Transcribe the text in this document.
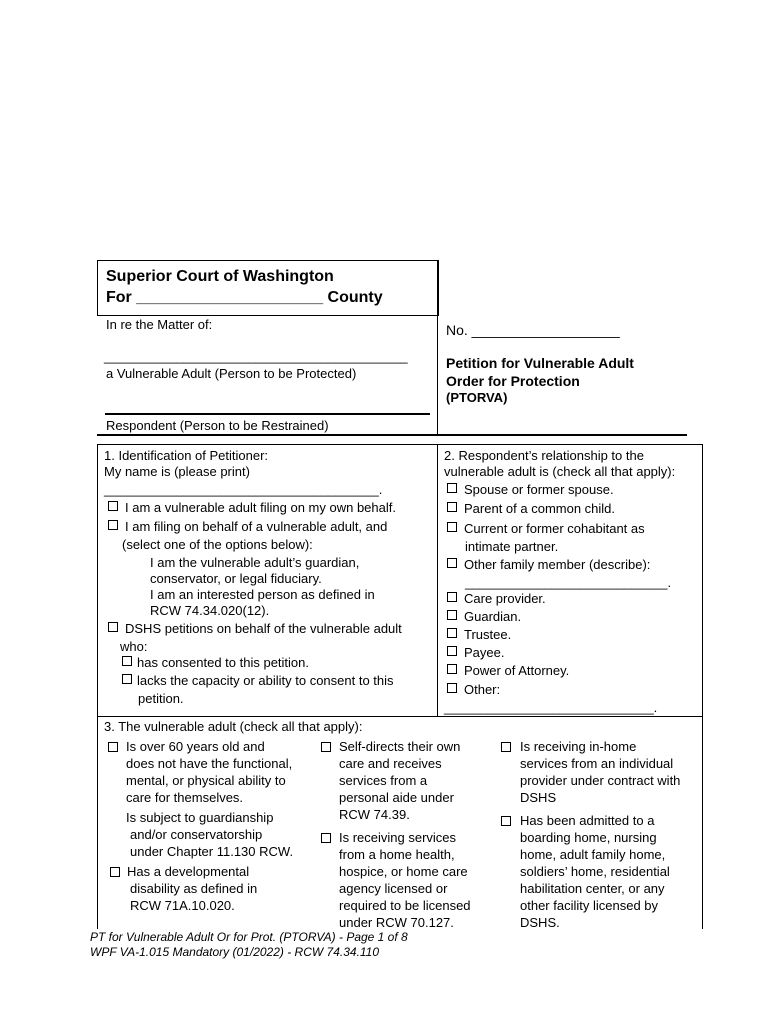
Superior Court of Washington
For _____________________ County
In re the Matter of:
__________________________________________
a Vulnerable Adult (Person to be Protected)
Respondent (Person to be Restrained)
No. ___________________
Petition for Vulnerable Adult
Order for Protection
(PTORVA)
1. Identification of Petitioner:
My name is (please print)
______________________________________.
I am a vulnerable adult filing on my own behalf.
I am filing on behalf of a vulnerable adult, and
(select one of the options below):
I am the vulnerable adult’s guardian,
conservator, or legal fiduciary.
I am an interested person as defined in
RCW 74.34.020(12).
DSHS petitions on behalf of the vulnerable adult
who:
has consented to this petition.
lacks the capacity or ability to consent to this
petition.
2. Respondent’s relationship to the
vulnerable adult is (check all that apply):
Spouse or former spouse.
Parent of a common child.
Current or former cohabitant as
intimate partner.
Other family member (describe):
____________________________.
Care provider.
Guardian.
Trustee.
Payee.
Power of Attorney.
Other:
_____________________________.
3. The vulnerable adult (check all that apply):
Is over 60 years old and
does not have the functional,
mental, or physical ability to
care for themselves.
Is subject to guardianship
and/or conservatorship
under Chapter 11.130 RCW.
Has a developmental
disability as defined in
RCW 71A.10.020.
Self-directs their own
care and receives
services from a
personal aide under
RCW 74.39.
Is receiving services
from a home health,
hospice, or home care
agency licensed or
required to be licensed
under RCW 70.127.
Is receiving in-home
services from an individual
provider under contract with
DSHS
Has been admitted to a
boarding home, nursing
home, adult family home,
soldiers’ home, residential
habilitation center, or any
other facility licensed by
DSHS.
PT for Vulnerable Adult Or for Prot. (PTORVA) - Page 1 of 8
WPF VA-1.015 Mandatory (01/2022) - RCW 74.34.110
